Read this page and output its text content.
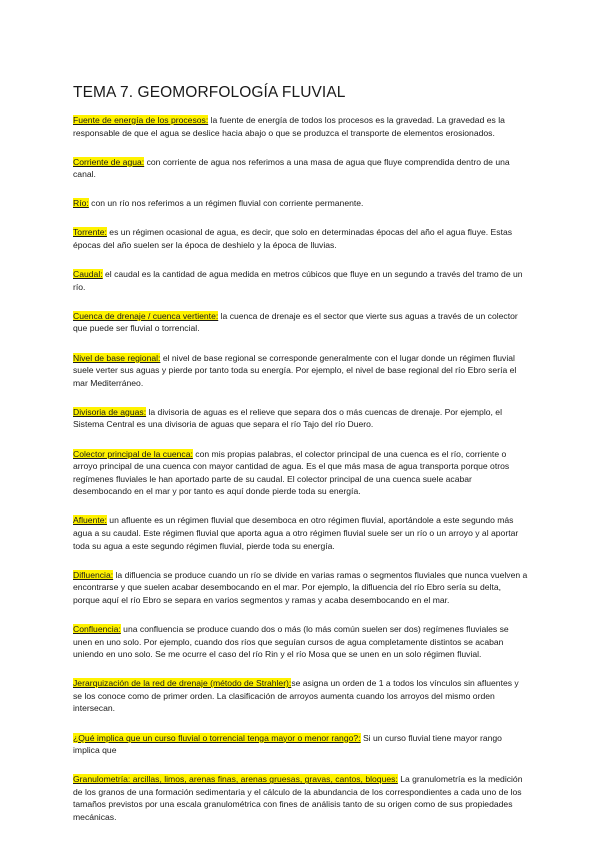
TEMA 7. GEOMORFOLOGÍA FLUVIAL

Fuente de energía de los procesos: la fuente de energía de todos los procesos es la gravedad. La gravedad es la responsable de que el agua se deslice hacia abajo o que se produzca el transporte de elementos erosionados.

Corriente de agua: con corriente de agua nos referimos a una masa de agua que fluye comprendida dentro de una canal.

Río: con un río nos referimos a un régimen fluvial con corriente permanente.

Torrente: es un régimen ocasional de agua, es decir, que solo en determinadas épocas del año el agua fluye. Estas épocas del año suelen ser la época de deshielo y la época de lluvias.

Caudal: el caudal es la cantidad de agua medida en metros cúbicos que fluye en un segundo a través del tramo de un río.

Cuenca de drenaje / cuenca vertiente: la cuenca de drenaje es el sector que vierte sus aguas a través de un colector que puede ser fluvial o torrencial.

Nivel de base regional: el nivel de base regional se corresponde generalmente con el lugar donde un régimen fluvial suele verter sus aguas y pierde por tanto toda su energía. Por ejemplo, el nivel de base regional del río Ebro sería el mar Mediterráneo.

Divisoria de aguas: la divisoria de aguas es el relieve que separa dos o más cuencas de drenaje. Por ejemplo, el Sistema Central es una divisoria de aguas que separa el río Tajo del río Duero.

Colector principal de la cuenca: con mis propias palabras, el colector principal de una cuenca es el río, corriente o arroyo principal de una cuenca con mayor cantidad de agua. Es el que más masa de agua transporta porque otros regímenes fluviales le han aportado parte de su caudal. El colector principal de una cuenca suele acabar desembocando en el mar y por tanto es aquí donde pierde toda su energía.

Afluente: un afluente es un régimen fluvial que desemboca en otro régimen fluvial, aportándole a este segundo más agua a su caudal. Este régimen fluvial que aporta agua a otro régimen fluvial suele ser un río o un arroyo y al aportar toda su agua a este segundo régimen fluvial, pierde toda su energía.

Difluencia: la difluencia se produce cuando un río se divide en varias ramas o segmentos fluviales que nunca vuelven a encontrarse y que suelen acabar desembocando en el mar. Por ejemplo, la difluencia del río Ebro sería su delta, porque aquí el río Ebro se separa en varios segmentos y ramas y acaba desembocando en el mar.

Confluencia: una confluencia se produce cuando dos o más (lo más común suelen ser dos) regímenes fluviales se unen en uno solo. Por ejemplo, cuando dos ríos que seguían cursos de agua completamente distintos se acaban uniendo en uno solo. Se me ocurre el caso del río Rin y el río Mosa que se unen en un solo régimen fluvial.

Jerarquización de la red de drenaje (método de Strahler):se asigna un orden de 1 a todos los vínculos sin afluentes y se los conoce como de primer orden. La clasificación de arroyos aumenta cuando los arroyos del mismo orden intersecan.

¿Qué implica que un curso fluvial o torrencial tenga mayor o menor rango?: Si un curso fluvial tiene mayor rango implica que

Granulometría: arcillas, limos, arenas finas, arenas gruesas, gravas, cantos, bloques: La granulometría es la medición de los granos de una formación sedimentaria y el cálculo de la abundancia de los correspondientes a cada uno de los tamaños previstos por una escala granulométrica con fines de análisis tanto de su origen como de sus propiedades mecánicas.
